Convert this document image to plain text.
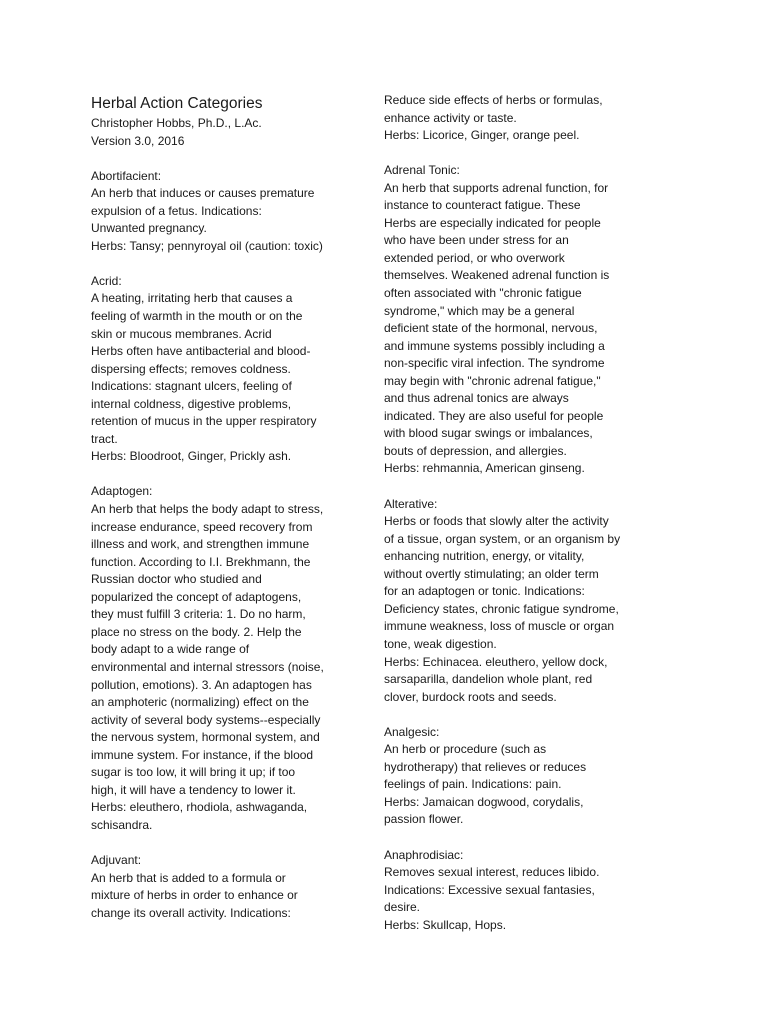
Herbal Action Categories
Christopher Hobbs, Ph.D., L.Ac.
Version 3.0, 2016
Abortifacient:
An herb that induces or causes premature
expulsion of a fetus. Indications:
Unwanted pregnancy.
Herbs: Tansy; pennyroyal oil (caution: toxic)
Acrid:
A heating, irritating herb that causes a
feeling of warmth in the mouth or on the
skin or mucous membranes. Acrid
Herbs often have antibacterial and blood-
dispersing effects; removes coldness.
Indications: stagnant ulcers, feeling of
internal coldness, digestive problems,
retention of mucus in the upper respiratory
tract.
Herbs: Bloodroot, Ginger, Prickly ash.
Adaptogen:
An herb that helps the body adapt to stress,
increase endurance, speed recovery from
illness and work, and strengthen immune
function. According to I.I. Brekhmann, the
Russian doctor who studied and
popularized the concept of adaptogens,
they must fulfill 3 criteria: 1. Do no harm,
place no stress on the body. 2. Help the
body adapt to a wide range of
environmental and internal stressors (noise,
pollution, emotions). 3. An adaptogen has
an amphoteric (normalizing) effect on the
activity of several body systems--especially
the nervous system, hormonal system, and
immune system. For instance, if the blood
sugar is too low, it will bring it up; if too
high, it will have a tendency to lower it.
Herbs: eleuthero, rhodiola, ashwaganda,
schisandra.
Adjuvant:
An herb that is added to a formula or
mixture of herbs in order to enhance or
change its overall activity. Indications:
Reduce side effects of herbs or formulas,
enhance activity or taste.
Herbs: Licorice, Ginger, orange peel.
Adrenal Tonic:
An herb that supports adrenal function, for
instance to counteract fatigue. These
Herbs are especially indicated for people
who have been under stress for an
extended period, or who overwork
themselves. Weakened adrenal function is
often associated with "chronic fatigue
syndrome," which may be a general
deficient state of the hormonal, nervous,
and immune systems possibly including a
non-specific viral infection. The syndrome
may begin with "chronic adrenal fatigue,"
and thus adrenal tonics are always
indicated. They are also useful for people
with blood sugar swings or imbalances,
bouts of depression, and allergies.
Herbs: rehmannia, American ginseng.
Alterative:
Herbs or foods that slowly alter the activity
of a tissue, organ system, or an organism by
enhancing nutrition, energy, or vitality,
without overtly stimulating; an older term
for an adaptogen or tonic. Indications:
Deficiency states, chronic fatigue syndrome,
immune weakness, loss of muscle or organ
tone, weak digestion.
Herbs: Echinacea. eleuthero, yellow dock,
sarsaparilla, dandelion whole plant, red
clover, burdock roots and seeds.
Analgesic:
An herb or procedure (such as
hydrotherapy) that relieves or reduces
feelings of pain. Indications: pain.
Herbs: Jamaican dogwood, corydalis,
passion flower.
Anaphrodisiac:
Removes sexual interest, reduces libido.
Indications: Excessive sexual fantasies,
desire.
Herbs: Skullcap, Hops.
